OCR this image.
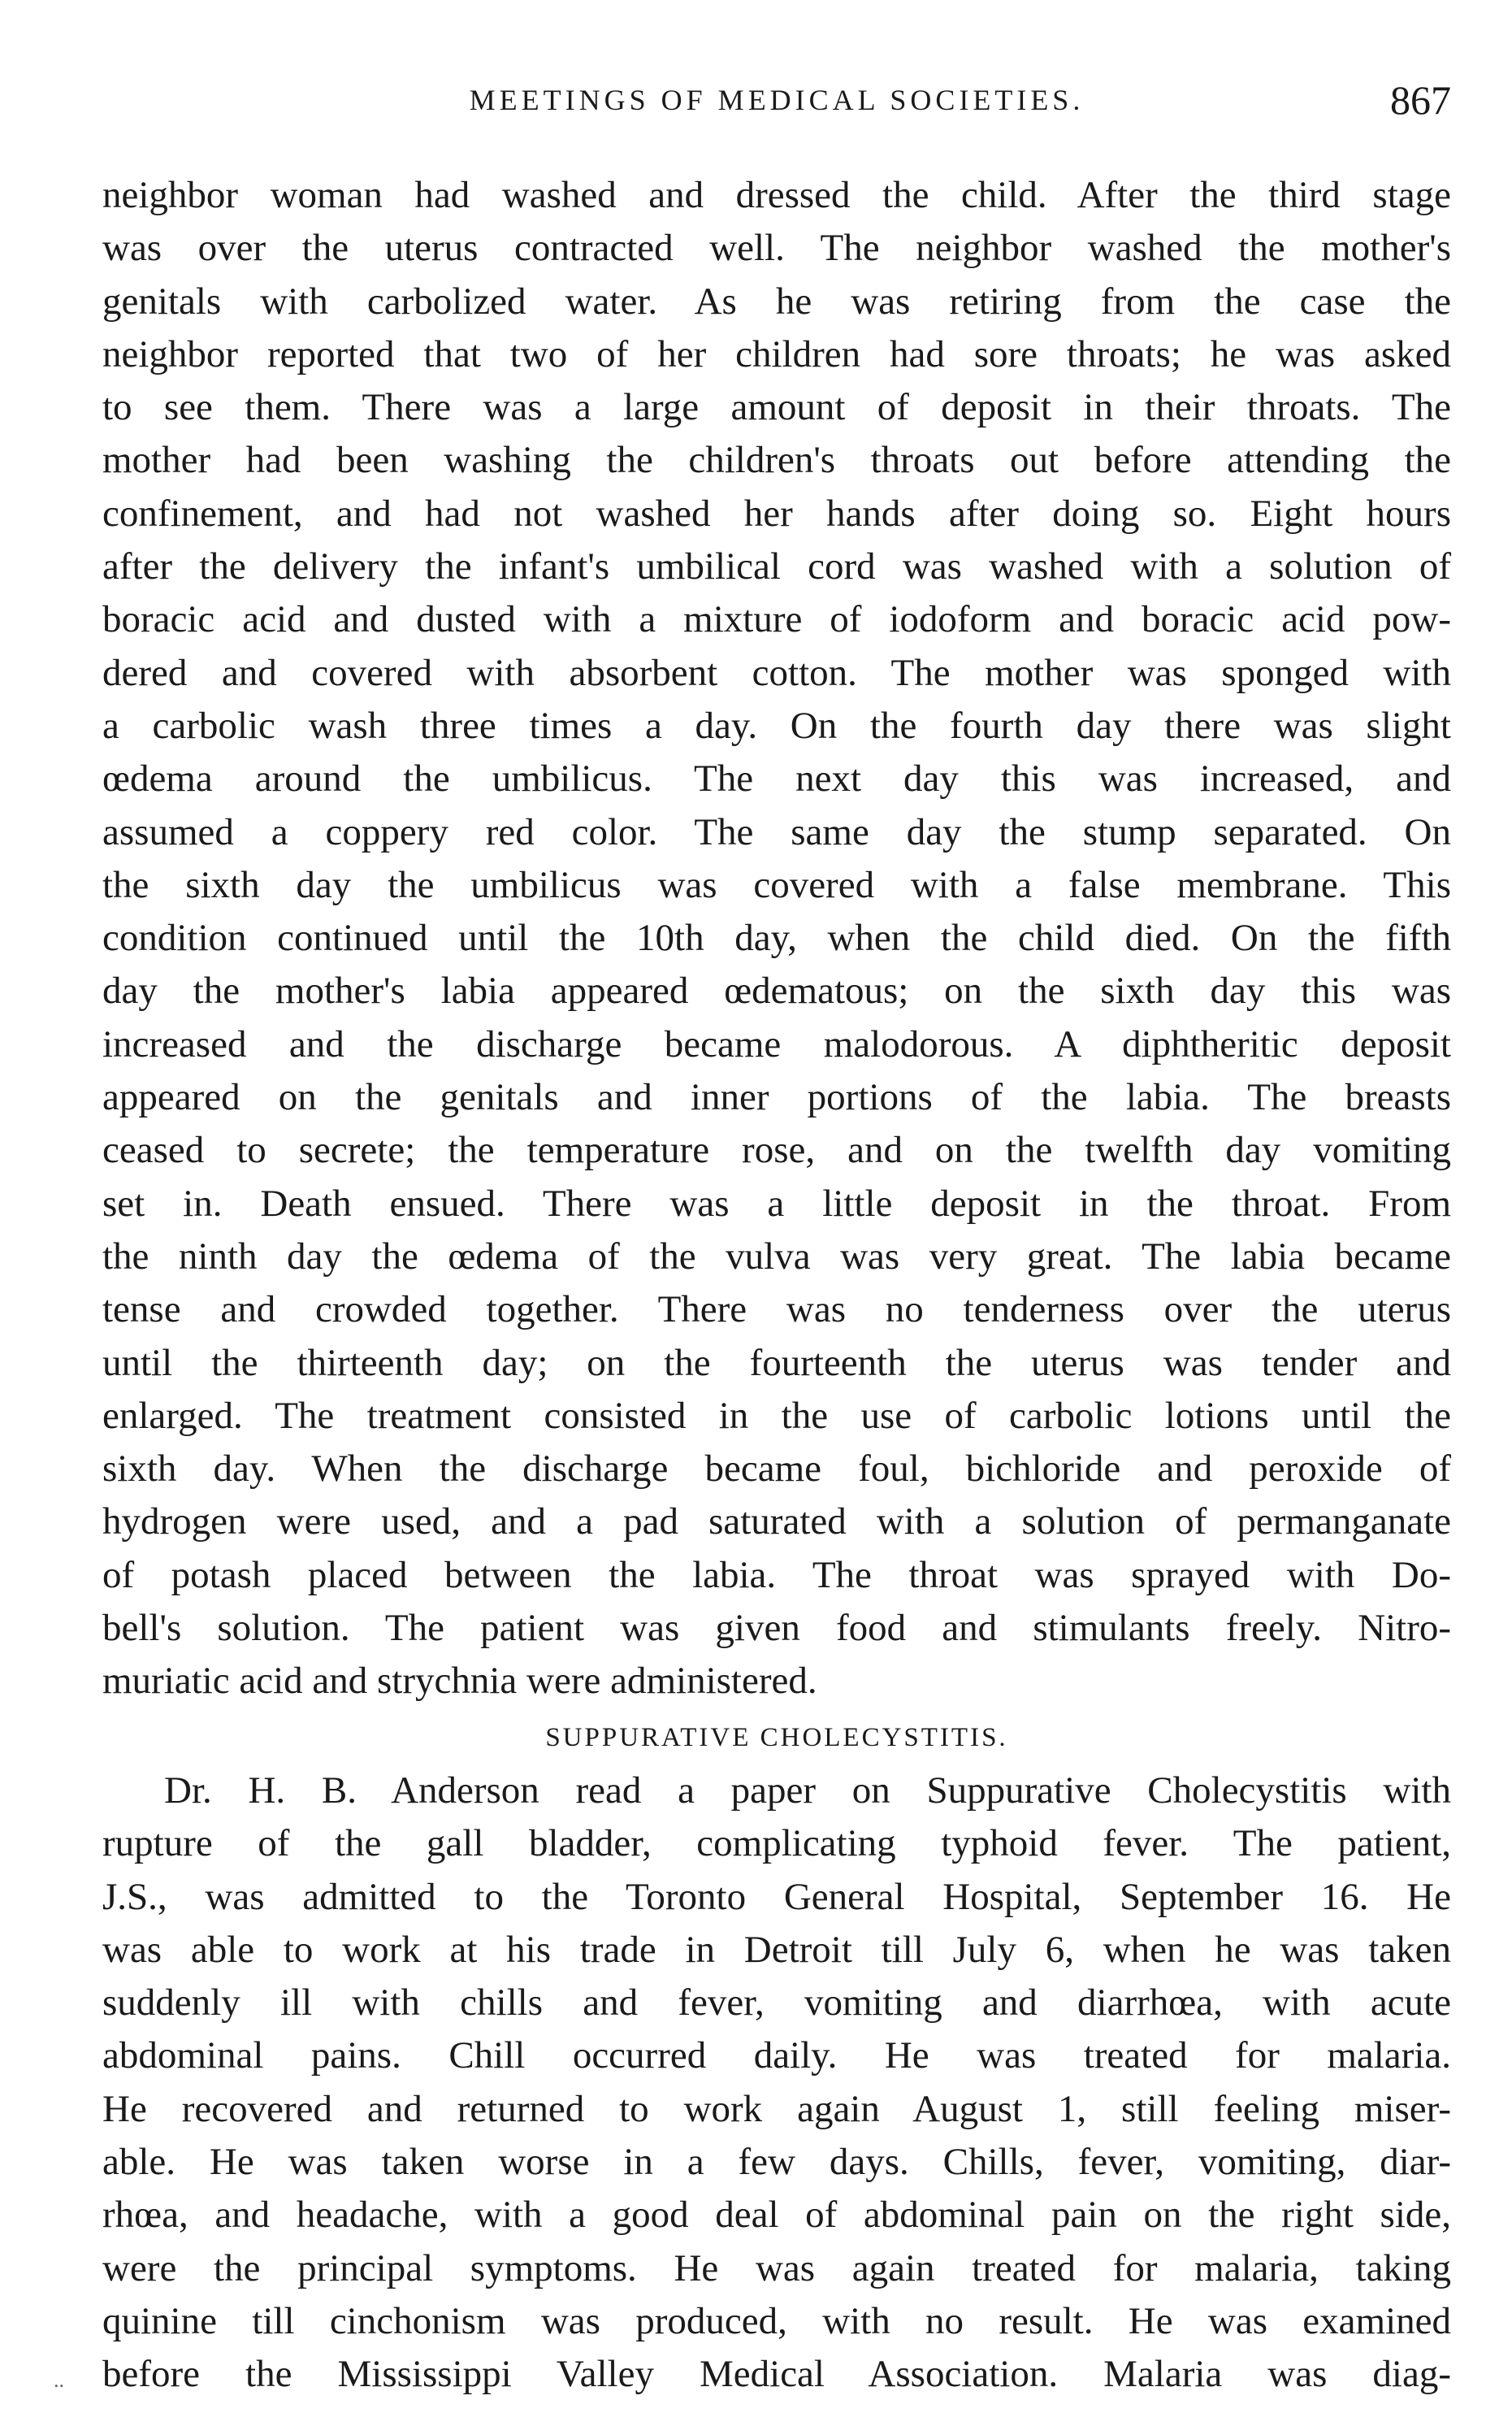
MEETINGS OF MEDICAL SOCIETIES.	867
neighbor woman had washed and dressed the child. After the third stage
was over the uterus contracted well. The neighbor washed the mother's
genitals with carbolized water. As he was retiring from the case the
neighbor reported that two of her children had sore throats; he was asked
to see them. There was a large amount of deposit in their throats. The
mother had been washing the children's throats out before attending the
confinement, and had not washed her hands after doing so. Eight hours
after the delivery the infant's umbilical cord was washed with a solution of
boracic acid and dusted with a mixture of iodoform and boracic acid pow-
dered and covered with absorbent cotton. The mother was sponged with
a carbolic wash three times a day. On the fourth day there was slight
œdema around the umbilicus. The next day this was increased, and
assumed a coppery red color. The same day the stump separated. On
the sixth day the umbilicus was covered with a false membrane. This
condition continued until the 10th day, when the child died. On the fifth
day the mother's labia appeared œdematous; on the sixth day this was
increased and the discharge became malodorous. A diphtheritic deposit
appeared on the genitals and inner portions of the labia. The breasts
ceased to secrete; the temperature rose, and on the twelfth day vomiting
set in. Death ensued. There was a little deposit in the throat. From
the ninth day the œdema of the vulva was very great. The labia became
tense and crowded together. There was no tenderness over the uterus
until the thirteenth day; on the fourteenth the uterus was tender and
enlarged. The treatment consisted in the use of carbolic lotions until the
sixth day. When the discharge became foul, bichloride and peroxide of
hydrogen were used, and a pad saturated with a solution of permanganate
of potash placed between the labia. The throat was sprayed with Do-
bell's solution. The patient was given food and stimulants freely. Nitro-
muriatic acid and strychnia were administered.
SUPPURATIVE CHOLECYSTITIS.
Dr. H. B. Anderson read a paper on Suppurative Cholecystitis with
rupture of the gall bladder, complicating typhoid fever. The patient,
J.S., was admitted to the Toronto General Hospital, September 16. He
was able to work at his trade in Detroit till July 6, when he was taken
suddenly ill with chills and fever, vomiting and diarrhœa, with acute
abdominal pains. Chill occurred daily. He was treated for malaria.
He recovered and returned to work again August 1, still feeling miser-
able. He was taken worse in a few days. Chills, fever, vomiting, diar-
rhœa, and headache, with a good deal of abdominal pain on the right side,
were the principal symptoms. He was again treated for malaria, taking
quinine till cinchonism was produced, with no result. He was examined
before the Mississippi Valley Medical Association. Malaria was diag-
..
